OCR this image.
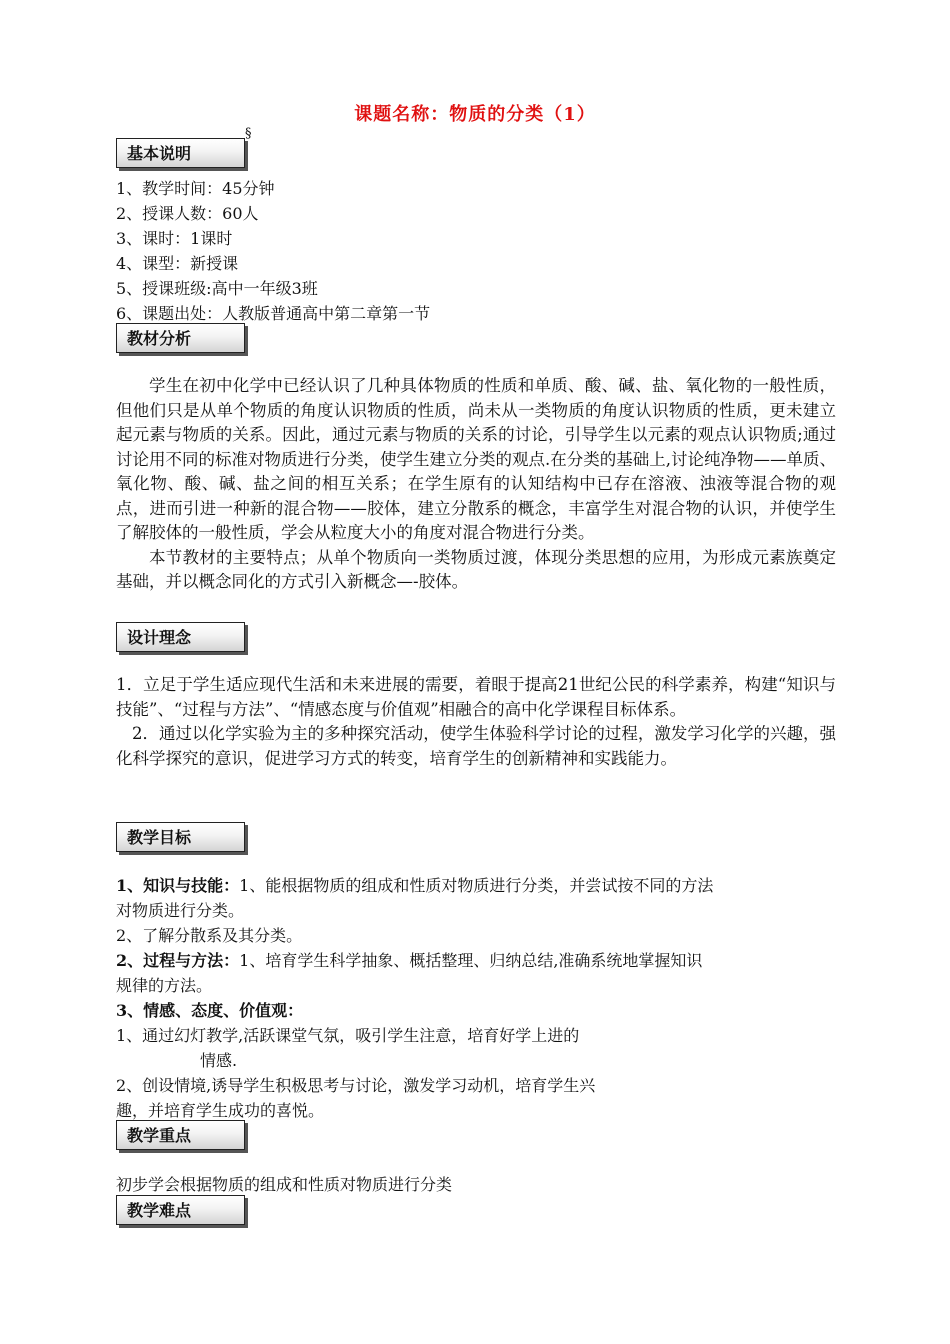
课题名称：物质的分类（1）
基本说明
§
1、教学时间：45分钟
2、授课人数：60人
3、课时：1课时
4、课型：新授课
5、授课班级:高中一年级3班
6、课题出处：人教版普通高中第二章第一节
教材分析

学生在初中化学中已经认识了几种具体物质的性质和单质、酸、碱、盐、氧化物的一般性质，但他们只是从单个物质的角度认识物质的性质，尚未从一类物质的角度认识物质的性质，更未建立起元素与物质的关系。因此，通过元素与物质的关系的讨论，引导学生以元素的观点认识物质;通过讨论用不同的标准对物质进行分类，使学生建立分类的观点.在分类的基础上,讨论纯净物——单质、氧化物、酸、碱、盐之间的相互关系；在学生原有的认知结构中已存在溶液、浊液等混合物的观点，进而引进一种新的混合物——胶体，建立分散系的概念，丰富学生对混合物的认识，并使学生了解胶体的一般性质，学会从粒度大小的角度对混合物进行分类。

本节教材的主要特点；从单个物质向一类物质过渡，体现分类思想的应用，为形成元素族奠定基础，并以概念同化的方式引入新概念—-胶体。

设计理念

1．立足于学生适应现代生活和未来进展的需要，着眼于提高21世纪公民的科学素养，构建“知识与技能”、“过程与方法”、“情感态度与价值观”相融合的高中化学课程目标体系。

2．通过以化学实验为主的多种探究活动，使学生体验科学讨论的过程，激发学习化学的兴趣，强化科学探究的意识，促进学习方式的转变，培育学生的创新精神和实践能力。

教学目标
1、知识与技能：1、能根据物质的组成和性质对物质进行分类，并尝试按不同的方法
对物质进行分类。
2、了解分散系及其分类。
2、过程与方法：1、培育学生科学抽象、概括整理、归纳总结,准确系统地掌握知识
规律的方法。
3、情感、态度、价值观：
1、通过幻灯教学,活跃课堂气氛，吸引学生注意，培育好学上进的
情感.
2、创设情境,诱导学生积极思考与讨论，激发学习动机，培育学生兴
趣，并培育学生成功的喜悦。
教学重点
初步学会根据物质的组成和性质对物质进行分类
教学难点
